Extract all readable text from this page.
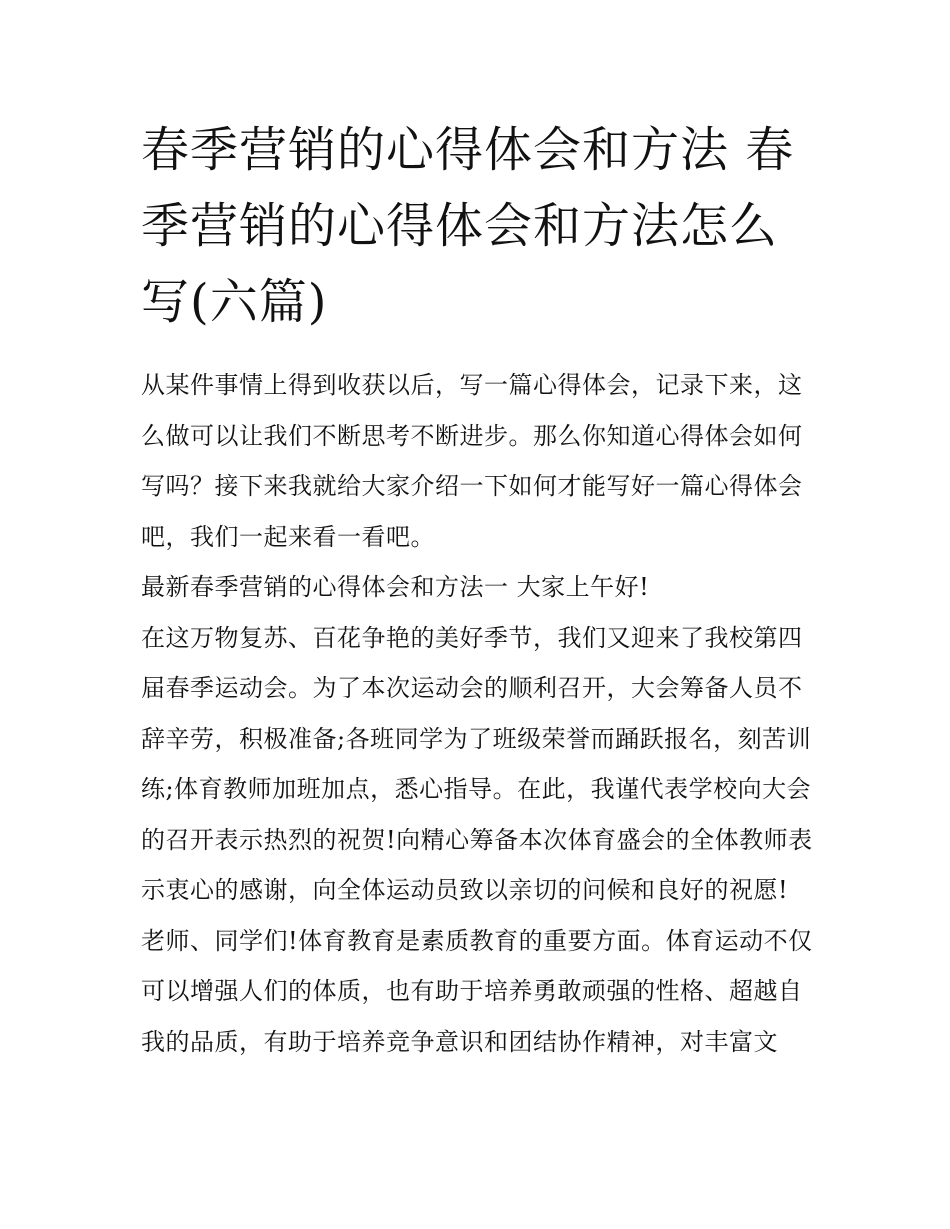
春季营销的心得体会和方法 春季营销的心得体会和方法怎么写(六篇)

从某件事情上得到收获以后，写一篇心得体会，记录下来，这么做可以让我们不断思考不断进步。那么你知道心得体会如何写吗？接下来我就给大家介绍一下如何才能写好一篇心得体会吧，我们一起来看一看吧。

最新春季营销的心得体会和方法一 大家上午好!

在这万物复苏、百花争艳的美好季节，我们又迎来了我校第四届春季运动会。为了本次运动会的顺利召开，大会筹备人员不辞辛劳，积极准备;各班同学为了班级荣誉而踊跃报名，刻苦训练;体育教师加班加点，悉心指导。在此，我谨代表学校向大会的召开表示热烈的祝贺!向精心筹备本次体育盛会的全体教师表示衷心的感谢，向全体运动员致以亲切的问候和良好的祝愿!

老师、同学们!体育教育是素质教育的重要方面。体育运动不仅可以增强人们的体质，也有助于培养勇敢顽强的性格、超越自我的品质，有助于培养竞争意识和团结协作精神，对丰富文
